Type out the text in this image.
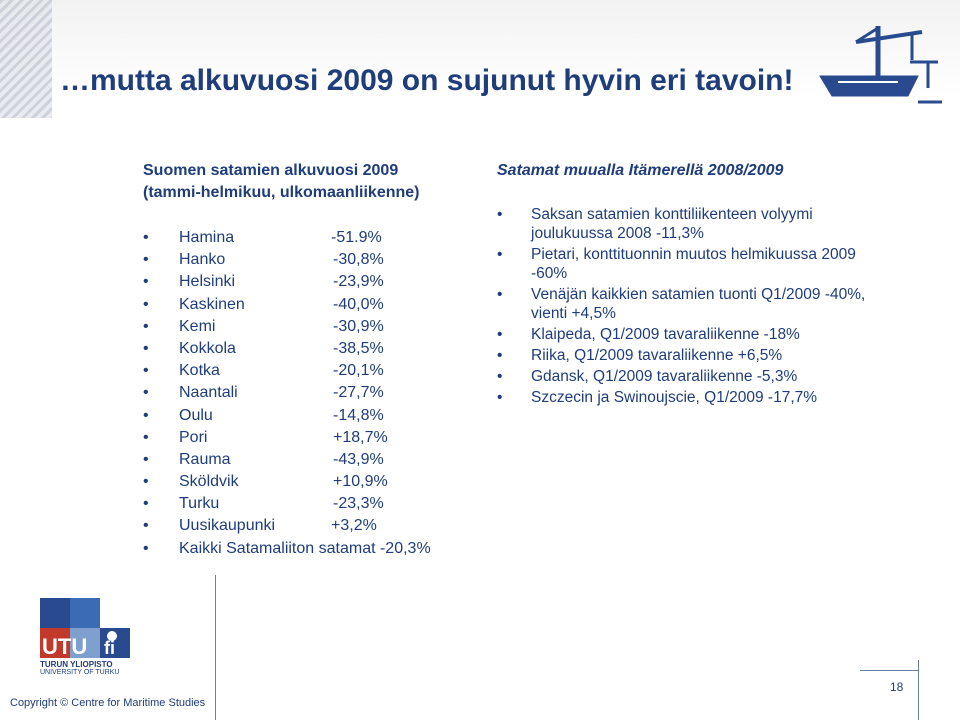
…mutta alkuvuosi 2009 on sujunut hyvin eri tavoin!
Suomen satamien alkuvuosi 2009
(tammi-helmikuu, ulkomaanliikenne)
Hamina	-51.9%
Hanko	-30,8%
Helsinki	-23,9%
Kaskinen	-40,0%
Kemi	-30,9%
Kokkola	-38,5%
Kotka	-20,1%
Naantali	-27,7%
Oulu	-14,8%
Pori	+18,7%
Rauma	-43,9%
Sköldvik	+10,9%
Turku	-23,3%
Uusikaupunki	+3,2%
Kaikki Satamaliiton satamat -20,3%
Satamat muualla Itämerellä 2008/2009
• Saksan satamien konttiliikenteen volyymi joulukuussa 2008 -11,3%
• Pietari, konttituonnin muutos helmikuussa 2009 -60%
• Venäjän kaikkien satamien tuonti Q1/2009 -40%, vienti +4,5%
• Klaipeda, Q1/2009 tavaraliikenne -18%
• Riika, Q1/2009 tavaraliikenne +6,5%
• Gdansk, Q1/2009 tavaraliikenne -5,3%
• Szczecin ja Swinoujscie, Q1/2009 -17,7%
UTU fi
TURUN YLIOPISTO
UNIVERSITY OF TURKU
Copyright © Centre for Maritime Studies
18
